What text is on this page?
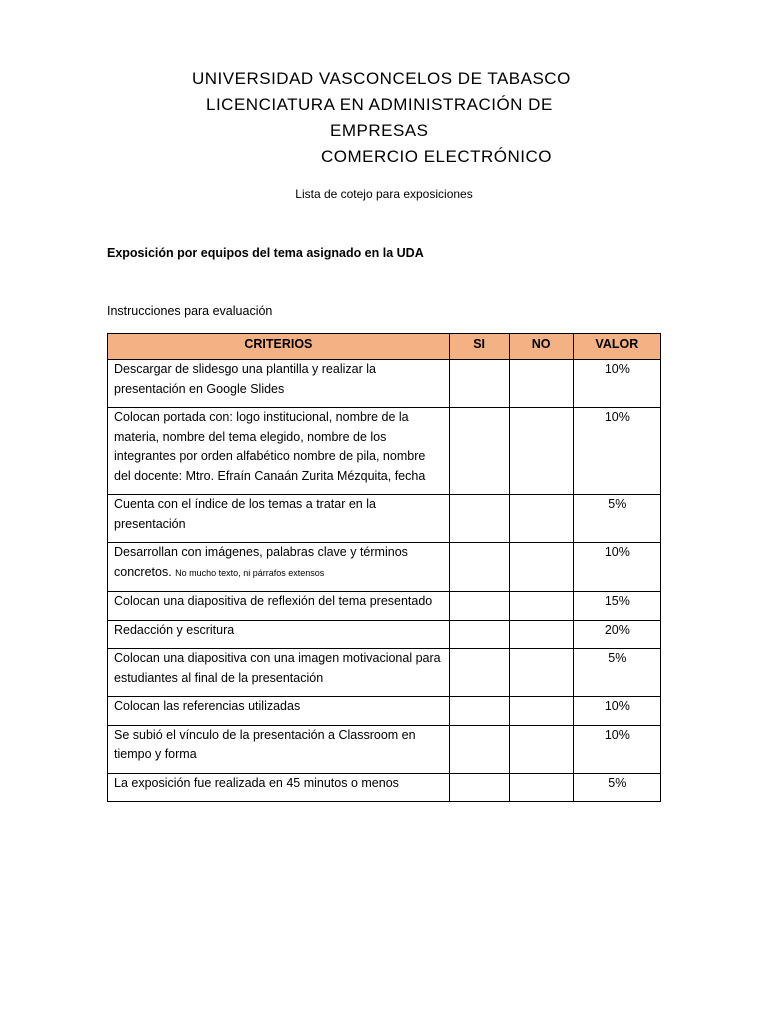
UNIVERSIDAD VASCONCELOS DE TABASCO
LICENCIATURA EN ADMINISTRACIÓN DE
EMPRESAS
COMERCIO ELECTRÓNICO
Lista de cotejo para exposiciones
Exposición por equipos del tema asignado en la UDA
Instrucciones para evaluación
CRITERIOS	SI	NO	VALOR
Descargar de slidesgo una plantilla y realizar la presentación en Google Slides			10%
Colocan portada con: logo institucional, nombre de la materia, nombre del tema elegido, nombre de los integrantes por orden alfabético nombre de pila, nombre del docente: Mtro. Efraín Canaán Zurita Mézquita, fecha			10%
Cuenta con el índice de los temas a tratar en la presentación			5%
Desarrollan con imágenes, palabras clave y términos concretos. No mucho texto, ni párrafos extensos			10%
Colocan una diapositiva de reflexión del tema presentado			15%
Redacción y escritura			20%
Colocan una diapositiva con una imagen motivacional para estudiantes al final de la presentación			5%
Colocan las referencias utilizadas			10%
Se subió el vínculo de la presentación a Classroom en tiempo y forma			10%
La exposición fue realizada en 45 minutos o menos			5%
